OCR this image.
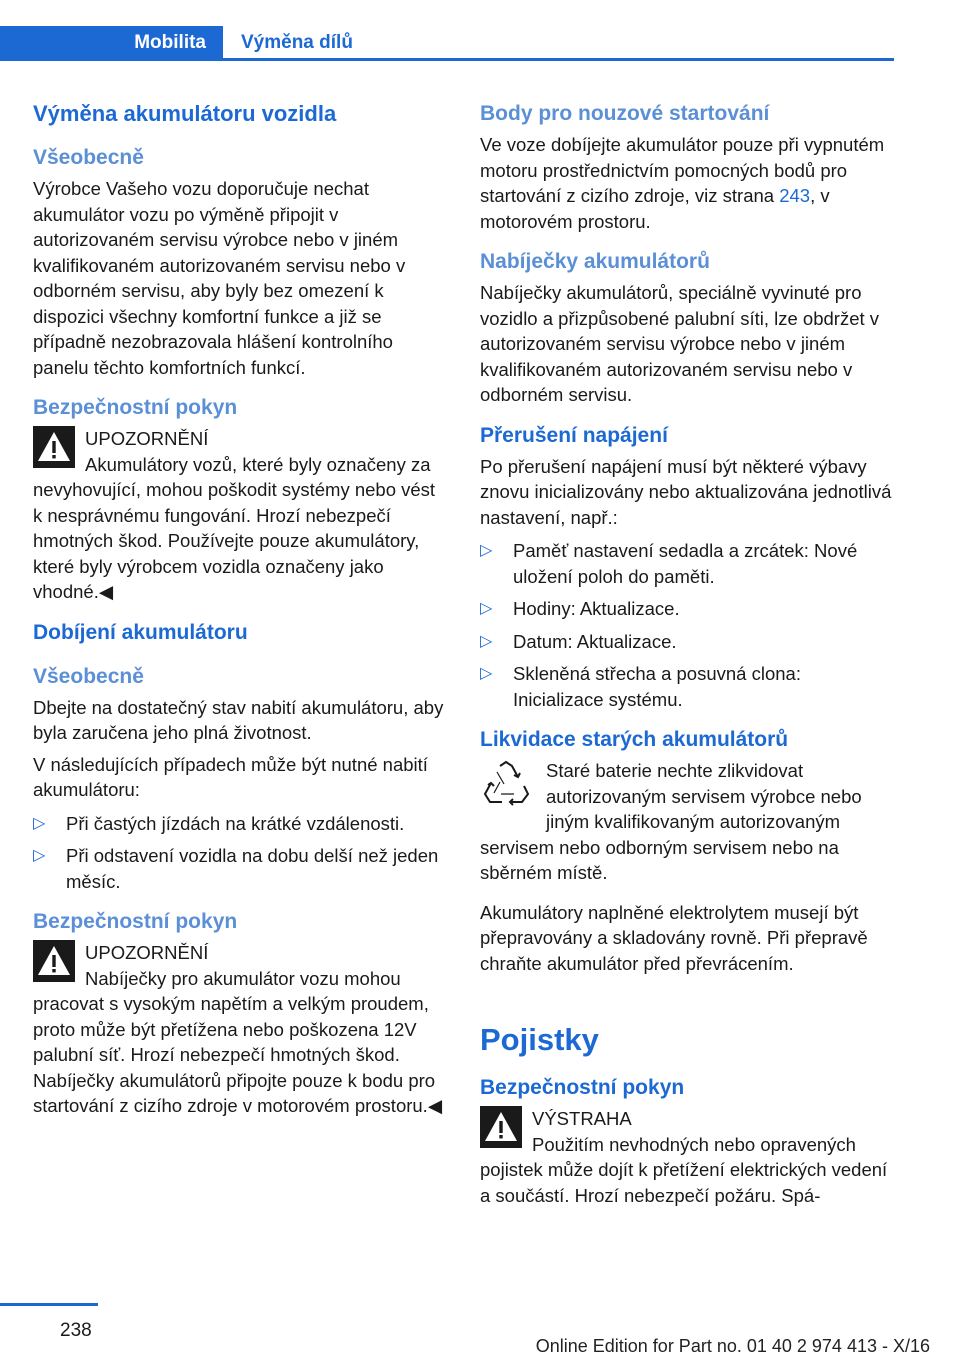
Mobilita	Výměna dílů
Výměna akumulátoru vozidla
Všeobecně

Výrobce Vašeho vozu doporučuje nechat akumulátor vozu po výměně připojit v autorizovaném servisu výrobce nebo v jiném kvalifikovaném autorizovaném servisu nebo v odborném servisu, aby byly bez omezení k dispozici všechny komfortní funkce a již se případně nezobrazovala hlášení kontrolního panelu těchto komfortních funkcí.

Bezpečnostní pokyn
UPOZORNĚNÍ
Akumulátory vozů, které byly označeny za nevyhovující, mohou poškodit systémy nebo vést k nesprávnému fungování. Hrozí nebezpečí hmotných škod. Používejte pouze akumulátory, které byly výrobcem vozidla označeny jako vhodné.◀
Dobíjení akumulátoru
Všeobecně

Dbejte na dostatečný stav nabití akumulátoru, aby byla zaručena jeho plná životnost.

V následujících případech může být nutné nabití akumulátoru:

▷ Při častých jízdách na krátké vzdálenosti.
▷ Při odstavení vozidla na dobu delší než jeden měsíc.
Bezpečnostní pokyn
UPOZORNĚNÍ
Nabíječky pro akumulátor vozu mohou pracovat s vysokým napětím a velkým proudem, proto může být přetížena nebo poškozena 12V palubní síť. Hrozí nebezpečí hmotných škod. Nabíječky akumulátorů připojte pouze k bodu pro startování z cizího zdroje v motorovém prostoru.◀
Body pro nouzové startování

Ve voze dobíjejte akumulátor pouze při vypnutém motoru prostřednictvím pomocných bodů pro startování z cizího zdroje, viz strana 243, v motorovém prostoru.

Nabíječky akumulátorů

Nabíječky akumulátorů, speciálně vyvinuté pro vozidlo a přizpůsobené palubní síti, lze obdržet v autorizovaném servisu výrobce nebo v jiném kvalifikovaném autorizovaném servisu nebo v odborném servisu.

Přerušení napájení

Po přerušení napájení musí být některé výbavy znovu inicializovány nebo aktualizována jednotlivá nastavení, např.:

▷ Paměť nastavení sedadla a zrcátek: Nové uložení poloh do paměti.
▷ Hodiny: Aktualizace.
▷ Datum: Aktualizace.
▷ Skleněná střecha a posuvná clona: Inicializace systému.
Likvidace starých akumulátorů
Staré baterie nechte zlikvidovat autorizovaným servisem výrobce nebo jiným kvalifikovaným autorizovaným servisem nebo odborným servisem nebo na sběrném místě.

Akumulátory naplněné elektrolytem musejí být přepravovány a skladovány rovně. Při přepravě chraňte akumulátor před převrácením.

Pojistky
Bezpečnostní pokyn
VÝSTRAHA
Použitím nevhodných nebo opravených pojistek může dojít k přetížení elektrických vedení a součástí. Hrozí nebezpečí požáru. Spá-
238
Online Edition for Part no. 01 40 2 974 413 - X/16
